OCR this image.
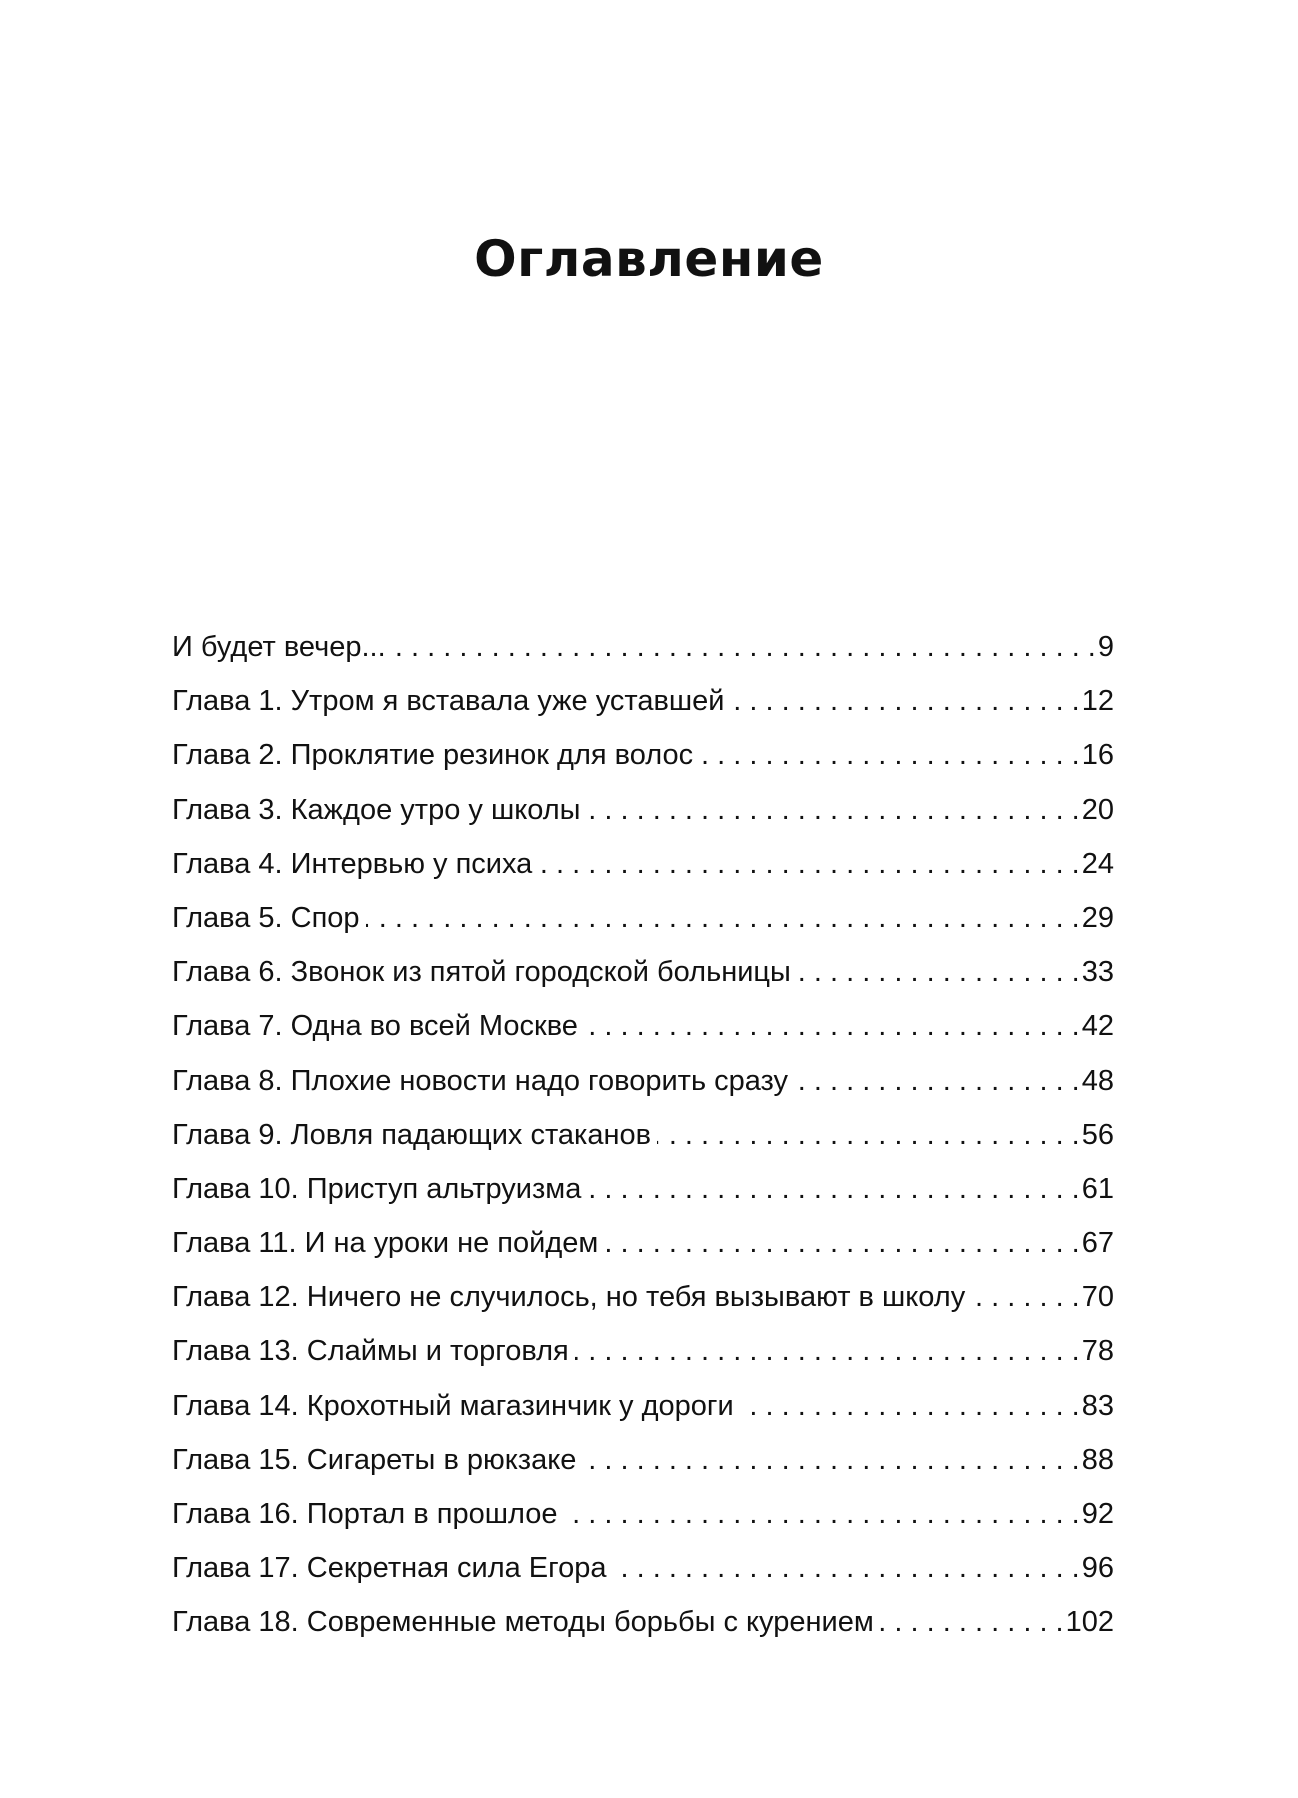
Оглавление
И будет вечер... . . .	9
Глава 1. Утром я вставала уже уставшей . . .	12
Глава 2. Проклятие резинок для волос . . .	16
Глава 3. Каждое утро у школы . . .	20
Глава 4. Интервью у психа . . .	24
Глава 5. Спор . . .	29
Глава 6. Звонок из пятой городской больницы . . .	33
Глава 7. Одна во всей Москве . . .	42
Глава 8. Плохие новости надо говорить сразу . . .	48
Глава 9. Ловля падающих стаканов . . .	56
Глава 10. Приступ альтруизма . . .	61
Глава 11. И на уроки не пойдем . . .	67
Глава 12. Ничего не случилось, но тебя вызывают в школу . . .	70
Глава 13. Слаймы и торговля . . .	78
Глава 14. Крохотный магазинчик у дороги . . .	83
Глава 15. Сигареты в рюкзаке . . .	88
Глава 16. Портал в прошлое . . .	92
Глава 17. Секретная сила Егора . . .	96
Глава 18. Современные методы борьбы с курением . . .	102
